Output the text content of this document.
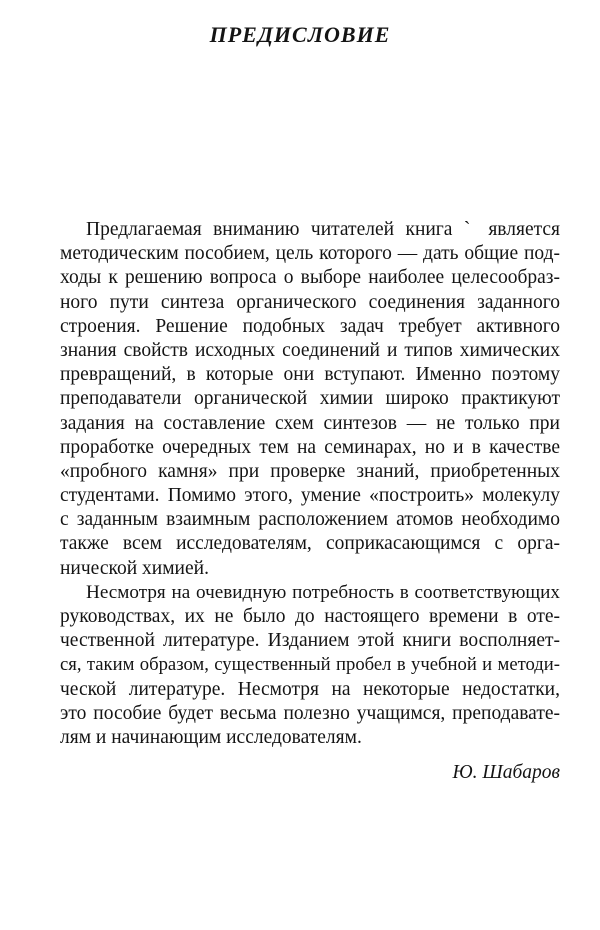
ПРЕДИСЛОВИЕ

Предлагаемая вниманию читателей книга ˋ является
методическим пособием, цель которого — дать общие под-
ходы к решению вопроса о выборе наиболее целесообраз-
ного пути синтеза органического соединения заданного
строения. Решение подобных задач требует активного
знания свойств исходных соединений и типов химических
превращений, в которые они вступают. Именно поэтому
преподаватели органической химии широко практикуют
задания на составление схем синтезов — не только при
проработке очередных тем на семинарах, но и в качестве
«пробного камня» при проверке знаний, приобретенных
студентами. Помимо этого, умение «построить» молекулу
с заданным взаимным расположением атомов необходимо
также всем исследователям, соприкасающимся с орга-
нической химией.

Несмотря на очевидную потребность в соответствующих
руководствах, их не было до настоящего времени в оте-
чественной литературе. Изданием этой книги восполняет-
ся, таким образом, существенный пробел в учебной и методи-
ческой литературе. Несмотря на некоторые недостатки,
это пособие будет весьма полезно учащимся, преподавате-
лям и начинающим исследователям.

Ю. Шабаров
